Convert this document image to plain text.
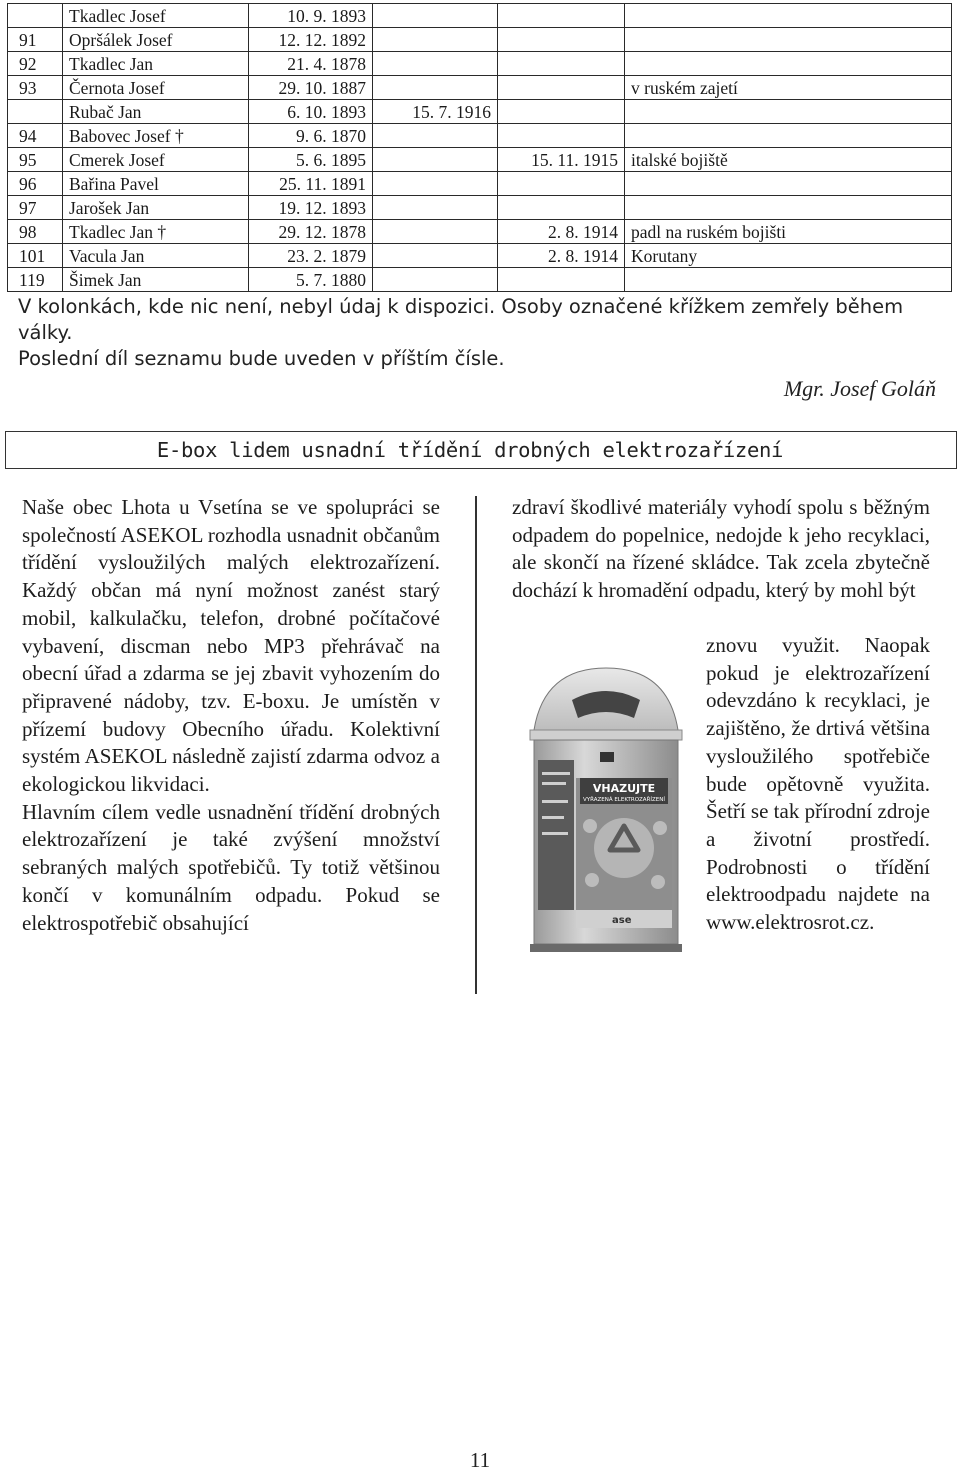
	Tkadlec Josef	10. 9. 1893			
91	Opršálek Josef	12. 12. 1892			
92	Tkadlec Jan	21. 4. 1878			
93	Černota Josef	29. 10. 1887			v ruském zajetí
	Rubač Jan	6. 10. 1893	15. 7. 1916		
94	Babovec Josef †	9. 6. 1870			
95	Cmerek Josef	5. 6. 1895		15. 11. 1915	italské bojiště
96	Bařina Pavel	25. 11. 1891			
97	Jarošek Jan	19. 12. 1893			
98	Tkadlec Jan †	29. 12. 1878		2. 8. 1914	padl na ruském bojišti
101	Vacula Jan	23. 2. 1879		2. 8. 1914	Korutany
119	Šimek Jan	5. 7. 1880			

V kolonkách, kde nic není, nebyl údaj k dispozici. Osoby označené křížkem zemřely během války.

Poslední díl seznamu bude uveden v příštím čísle.

Mgr. Josef Goláň
E-box lidem usnadní třídění drobných elektrozařízení

Naše obec Lhota u Vsetína se ve spolupráci se společností ASEKOL rozhodla usnadnit občanům třídění vysloužilých malých elektrozařízení. Každý občan má nyní možnost zanést starý mobil, kalkulačku, telefon, drobné počítačové vybavení, discman nebo MP3 přehrávač na obecní úřad a zdarma se jej zbavit vyhozením do připravené nádoby, tzv. E-boxu. Je umístěn v přízemí budovy Obecního úřadu. Kolektivní systém ASEKOL následně zajistí zdarma odvoz a ekologickou likvidaci.

Hlavním cílem vedle usnadnění třídění drobných elektrozařízení je také zvýšení množství sebraných malých spotřebičů. Ty totiž většinou končí v komunálním odpadu. Pokud se elektrospotřebič obsahující

zdraví škodlivé materiály vyhodí spolu s běžným odpadem do popelnice, nedojde k jeho recyklaci, ale skončí na řízené skládce. Tak zcela zbytečně dochází k hromadění odpadu, který by mohl být

znovu využit. Naopak pokud je elektrozařízení odevzdáno k recyklaci, je zajištěno, že drtivá většina vysloužilého spotřebiče bude opětovně využita. Šetří se tak přírodní zdroje a životní prostředí. Podrobnosti o třídění elektroodpadu najdete na www.elektrosrot.cz.

VHAZUJTE
VYŘAZENÁ ELEKTROZAŘÍZENÍ
ase
11
